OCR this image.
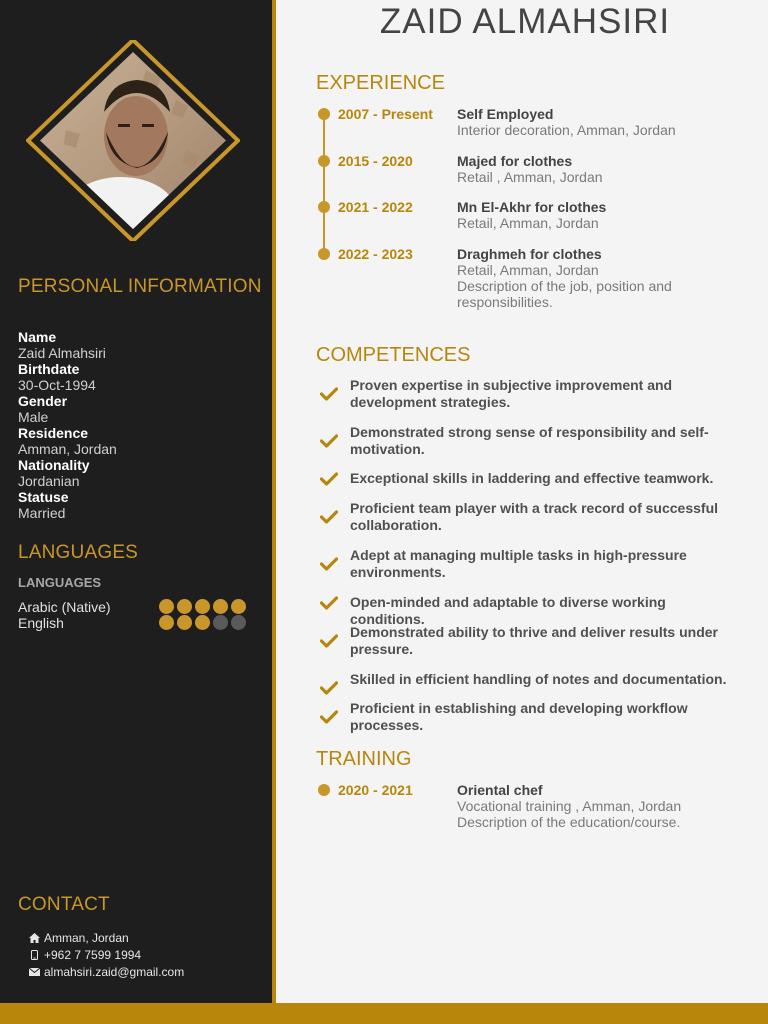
PERSONAL INFORMATION
Name
Zaid Almahsiri
Birthdate
30-Oct-1994
Gender
Male
Residence
Amman, Jordan
Nationality
Jordanian
Statuse
Married
LANGUAGES
LANGUAGES
Arabic (Native)
English
CONTACT
Amman, Jordan
+962 7 7599 1994
almahsiri.zaid@gmail.com
ZAID ALMAHSIRI
EXPERIENCE
2007 - Present Self Employed
Interior decoration, Amman, Jordan
2015 - 2020	Majed for clothes
Retail , Amman, Jordan
2021 - 2022	Mn El-Akhr for clothes
Retail, Amman, Jordan
2022 - 2023	Draghmeh for clothes
Retail, Amman, Jordan
Description of the job, position and responsibilities.
COMPETENCES
Proven expertise in subjective improvement and development strategies.
Demonstrated strong sense of responsibility and self-motivation.
Exceptional skills in laddering and effective teamwork.
Proficient team player with a track record of successful collaboration.
Adept at managing multiple tasks in high-pressure environments.
Open-minded and adaptable to diverse working conditions.
Demonstrated ability to thrive and deliver results under pressure.
Skilled in efficient handling of notes and documentation.
Proficient in establishing and developing workflow processes.
TRAINING
2020 - 2021	Oriental chef
Vocational training , Amman, Jordan
Description of the education/course.
